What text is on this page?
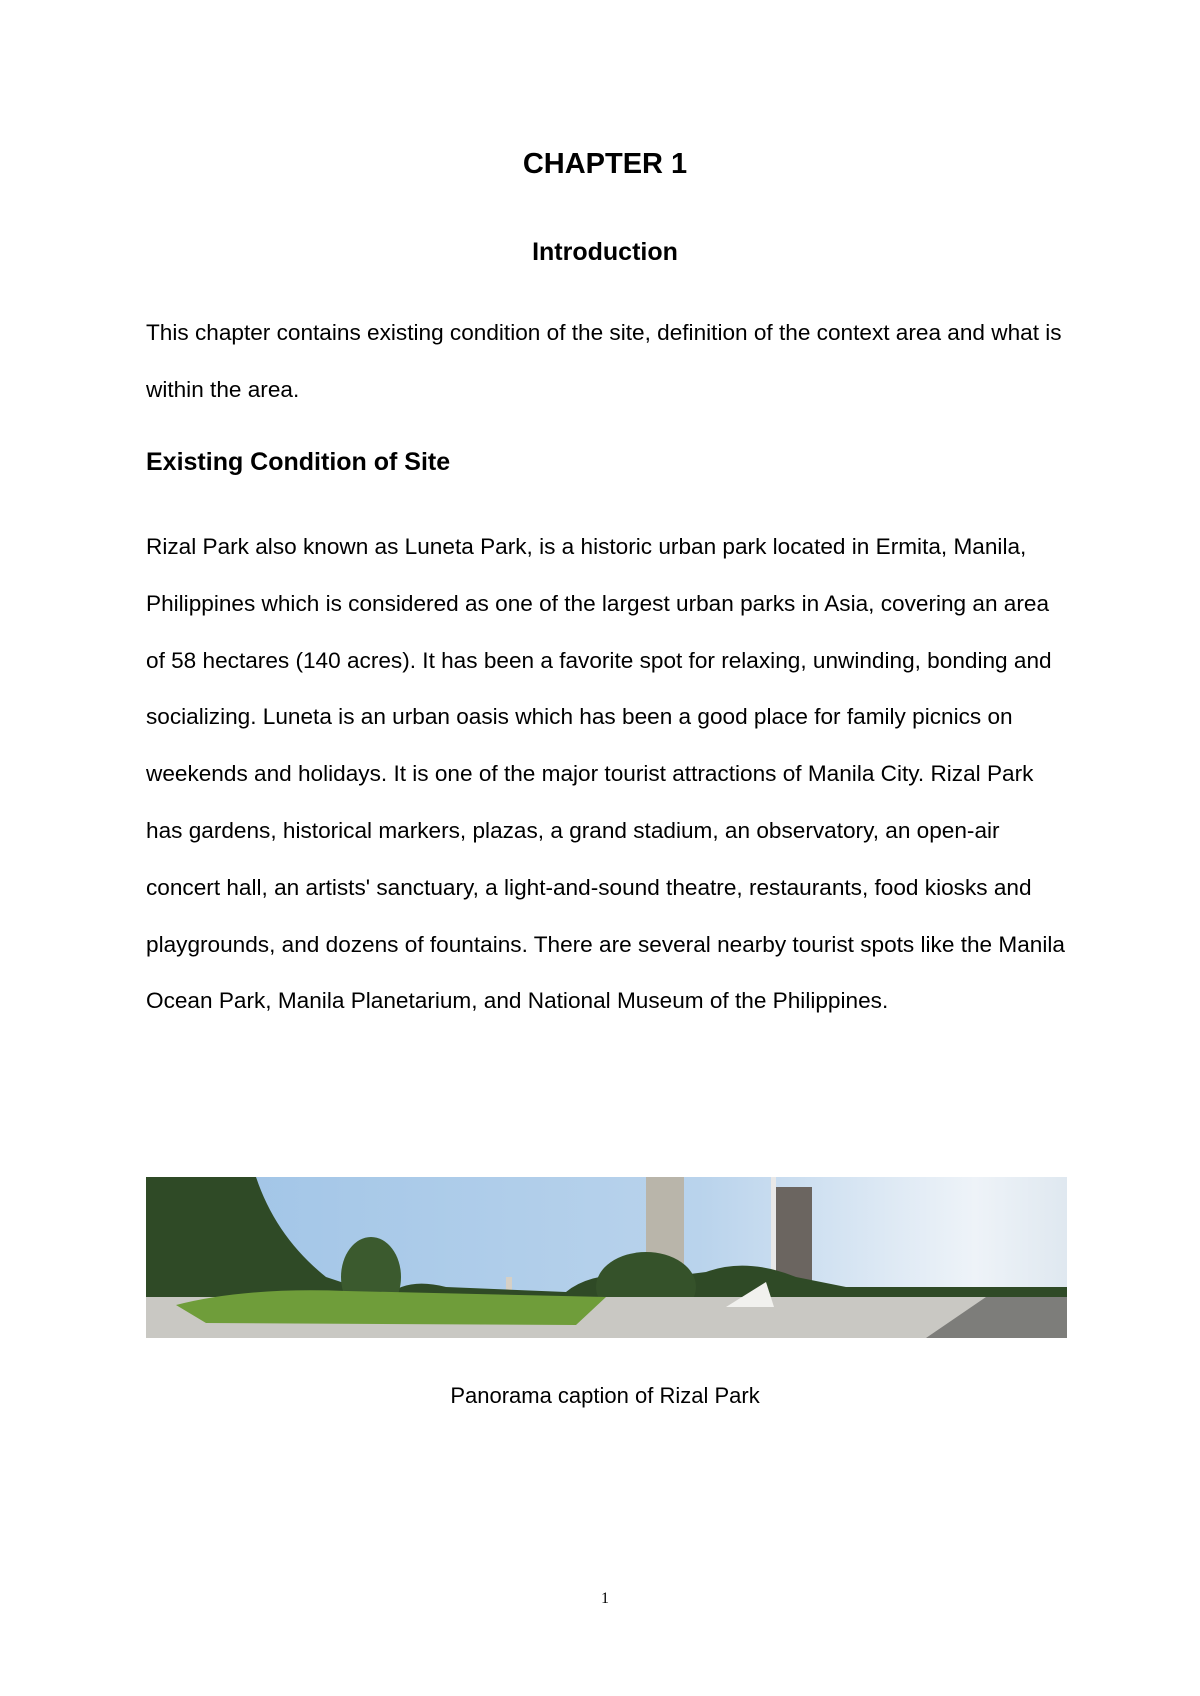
CHAPTER 1
Introduction
This chapter contains existing condition of the site, definition of the context area and what is within the area.
Existing Condition of Site
Rizal Park also known as Luneta Park, is a historic urban park located in Ermita, Manila, Philippines which is considered as one of the largest urban parks in Asia, covering an area of 58 hectares (140 acres). It has been a favorite spot for relaxing, unwinding, bonding and socializing. Luneta is an urban oasis which has been a good place for family picnics on weekends and holidays. It is one of the major tourist attractions of Manila City. Rizal Park has gardens, historical markers, plazas, a grand stadium, an observatory, an open-air concert hall, an artists' sanctuary, a light-and-sound theatre, restaurants, food kiosks and playgrounds, and dozens of fountains. There are several nearby tourist spots like the Manila Ocean Park, Manila Planetarium, and National Museum of the Philippines.
Panorama caption of Rizal Park
1
